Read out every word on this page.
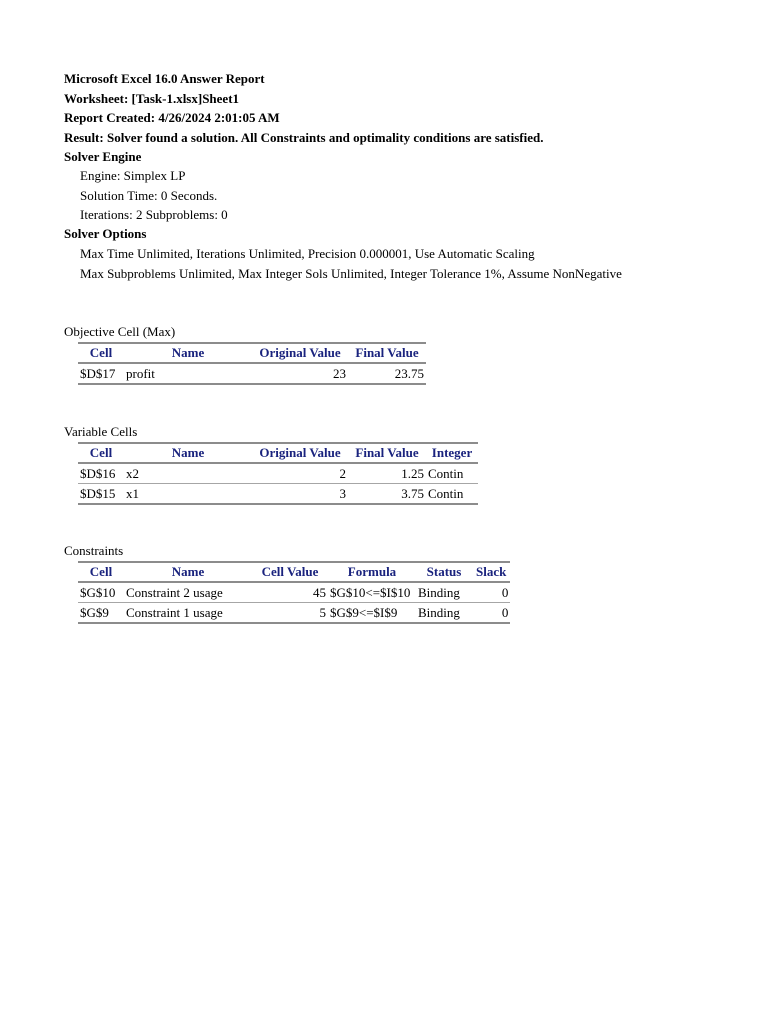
Microsoft Excel 16.0 Answer Report
Worksheet: [Task-1.xlsx]Sheet1
Report Created: 4/26/2024 2:01:05 AM
Result: Solver found a solution. All Constraints and optimality conditions are satisfied.
Solver Engine
Engine: Simplex LP
Solution Time: 0 Seconds.
Iterations: 2 Subproblems: 0
Solver Options
Max Time Unlimited, Iterations Unlimited, Precision 0.000001, Use Automatic Scaling
Max Subproblems Unlimited, Max Integer Sols Unlimited, Integer Tolerance 1%, Assume NonNegative
Objective Cell (Max)
Cell	Name	Original Value	Final Value
$D$17	profit	23	23.75
Variable Cells
Cell	Name	Original Value	Final Value	Integer
$D$16	x2	2	1.25	Contin
$D$15	x1	3	3.75	Contin
Constraints
Cell	Name	Cell Value	Formula	Status	Slack
$G$10	Constraint 2 usage	45	$G$10<=$I$10	Binding	0
$G$9	Constraint 1 usage	5	$G$9<=$I$9	Binding	0
